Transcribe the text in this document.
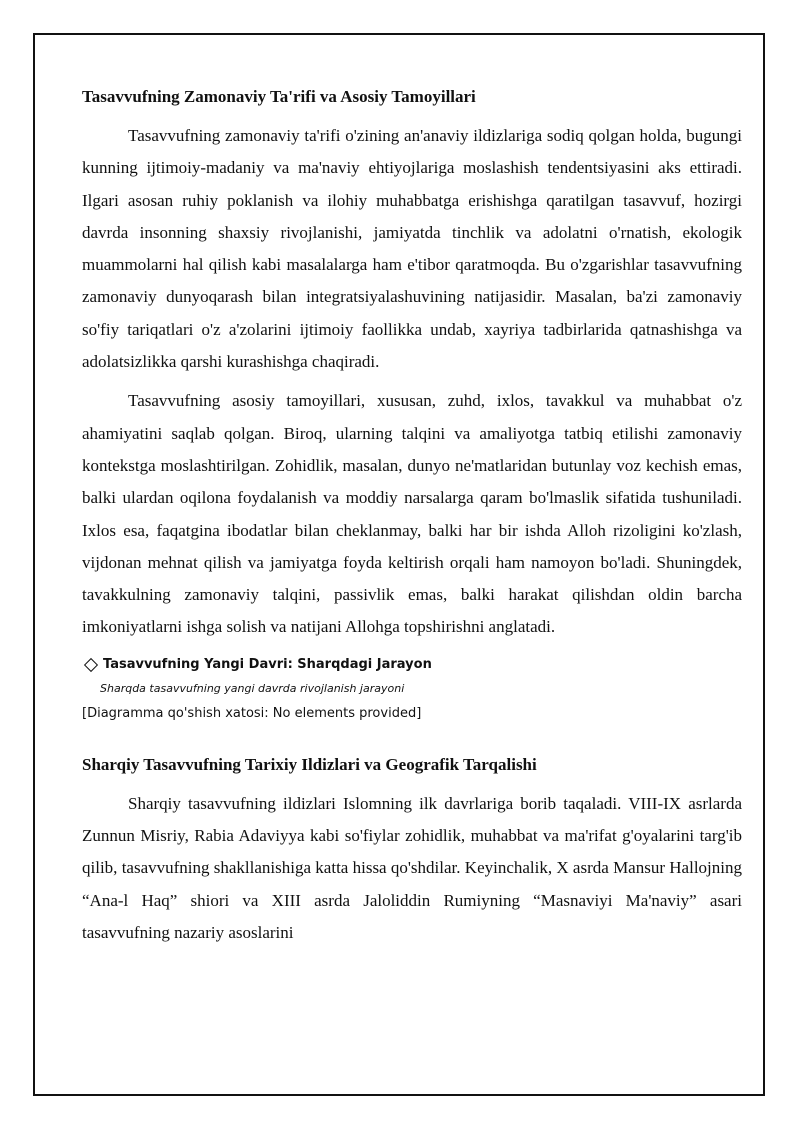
Tasavvufning Zamonaviy Ta'rifi va Asosiy Tamoyillari

Tasavvufning zamonaviy ta'rifi o'zining an'anaviy ildizlariga sodiq qolgan holda, bugungi kunning ijtimoiy-madaniy va ma'naviy ehtiyojlariga moslashish tendentsiyasini aks ettiradi. Ilgari asosan ruhiy poklanish va ilohiy muhabbatga erishishga qaratilgan tasavvuf, hozirgi davrda insonning shaxsiy rivojlanishi, jamiyatda tinchlik va adolatni o'rnatish, ekologik muammolarni hal qilish kabi masalalarga ham e'tibor qaratmoqda. Bu o'zgarishlar tasavvufning zamonaviy dunyoqarash bilan integratsiyalashuvining natijasidir. Masalan, ba'zi zamonaviy so'fiy tariqatlari o'z a'zolarini ijtimoiy faollikka undab, xayriya tadbirlarida qatnashishga va adolatsizlikka qarshi kurashishga chaqiradi.

Tasavvufning asosiy tamoyillari, xususan, zuhd, ixlos, tavakkul va muhabbat o'z ahamiyatini saqlab qolgan. Biroq, ularning talqini va amaliyotga tatbiq etilishi zamonaviy kontekstga moslashtirilgan. Zohidlik, masalan, dunyo ne'matlaridan butunlay voz kechish emas, balki ulardan oqilona foydalanish va moddiy narsalarga qaram bo'lmaslik sifatida tushuniladi. Ixlos esa, faqatgina ibodatlar bilan cheklanmay, balki har bir ishda Alloh rizoligini ko'zlash, vijdonan mehnat qilish va jamiyatga foyda keltirish orqali ham namoyon bo'ladi. Shuningdek, tavakkulning zamonaviy talqini, passivlik emas, balki harakat qilishdan oldin barcha imkoniyatlarni ishga solish va natijani Allohga topshirishni anglatadi.

Tasavvufning Yangi Davri: Sharqdagi Jarayon
Sharqda tasavvufning yangi davrda rivojlanish jarayoni
[Diagramma qo'shish xatosi: No elements provided]
Sharqiy Tasavvufning Tarixiy Ildizlari va Geografik Tarqalishi

Sharqiy tasavvufning ildizlari Islomning ilk davrlariga borib taqaladi. VIII-IX asrlarda Zunnun Misriy, Rabia Adaviyya kabi so'fiylar zohidlik, muhabbat va ma'rifat g'oyalarini targ'ib qilib, tasavvufning shakllanishiga katta hissa qo'shdilar. Keyinchalik, X asrda Mansur Hallojning “Ana-l Haq” shiori va XIII asrda Jaloliddin Rumiyning “Masnaviyi Ma'naviy” asari tasavvufning nazariy asoslarini
